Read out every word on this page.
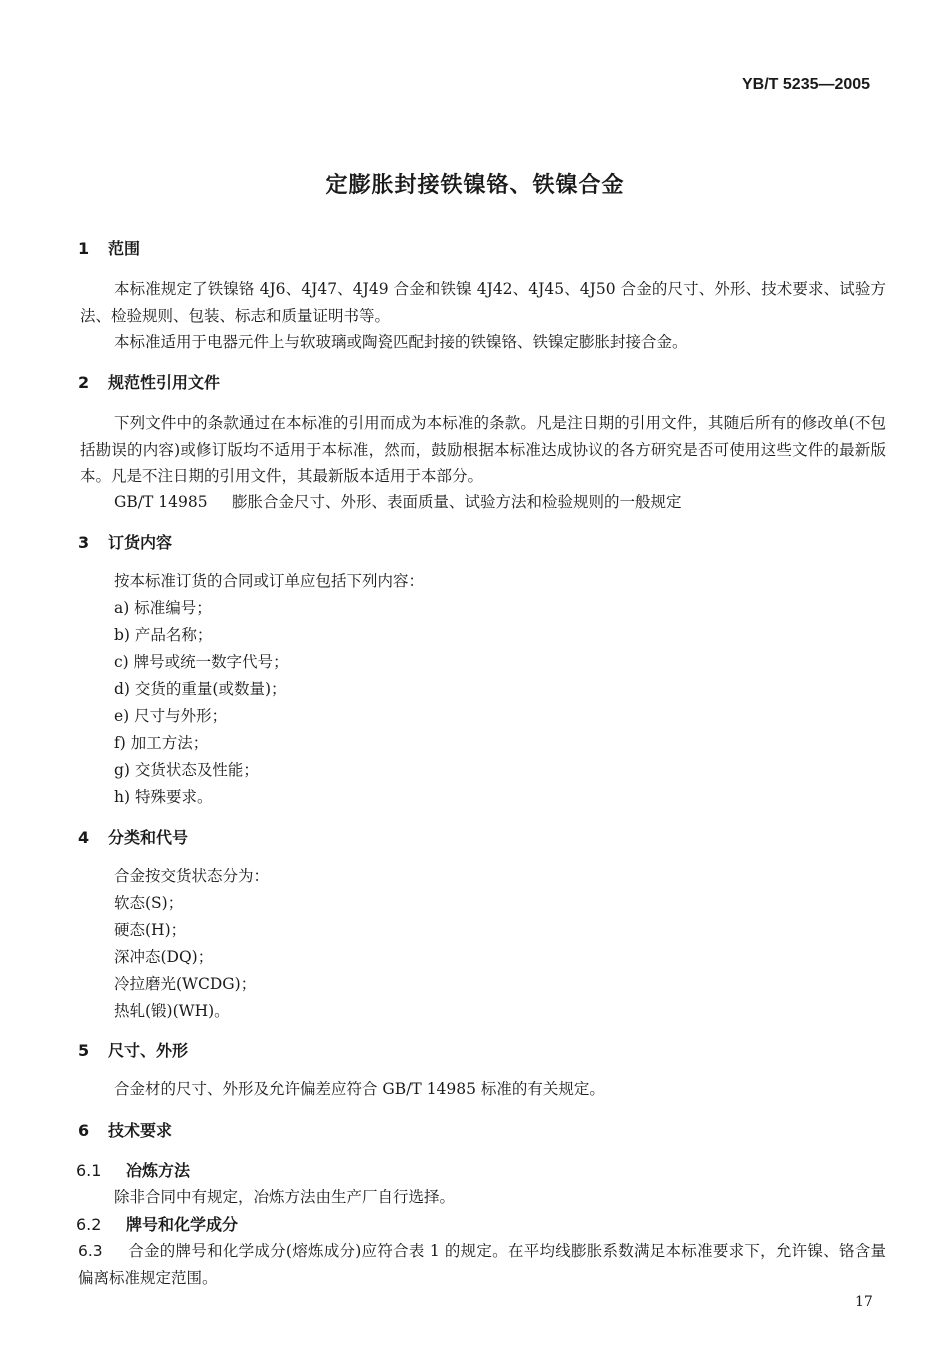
YB/T 5235—2005
定膨胀封接铁镍铬、铁镍合金
1 范围
本标准规定了铁镍铬 4J6、4J47、4J49 合金和铁镍 4J42、4J45、4J50 合金的尺寸、外形、技术要求、试验方法、检验规则、包装、标志和质量证明书等。
本标准适用于电器元件上与软玻璃或陶瓷匹配封接的铁镍铬、铁镍定膨胀封接合金。
2 规范性引用文件
下列文件中的条款通过在本标准的引用而成为本标准的条款。凡是注日期的引用文件，其随后所有的修改单(不包括勘误的内容)或修订版均不适用于本标准，然而，鼓励根据本标准达成协议的各方研究是否可使用这些文件的最新版本。凡是不注日期的引用文件，其最新版本适用于本部分。
GB/T 14985 膨胀合金尺寸、外形、表面质量、试验方法和检验规则的一般规定
3 订货内容
按本标准订货的合同或订单应包括下列内容：
a) 标准编号；
b) 产品名称；
c) 牌号或统一数字代号；
d) 交货的重量(或数量)；
e) 尺寸与外形；
f) 加工方法；
g) 交货状态及性能；
h) 特殊要求。
4 分类和代号
合金按交货状态分为：
软态(S)；
硬态(H)；
深冲态(DQ)；
冷拉磨光(WCDG)；
热轧(锻)(WH)。
5 尺寸、外形
合金材的尺寸、外形及允许偏差应符合 GB/T 14985 标准的有关规定。
6 技术要求
6.1 冶炼方法
除非合同中有规定，冶炼方法由生产厂自行选择。
6.2 牌号和化学成分
6.3 合金的牌号和化学成分(熔炼成分)应符合表 1 的规定。在平均线膨胀系数满足本标准要求下，允许镍、铬含量偏离标准规定范围。
17
